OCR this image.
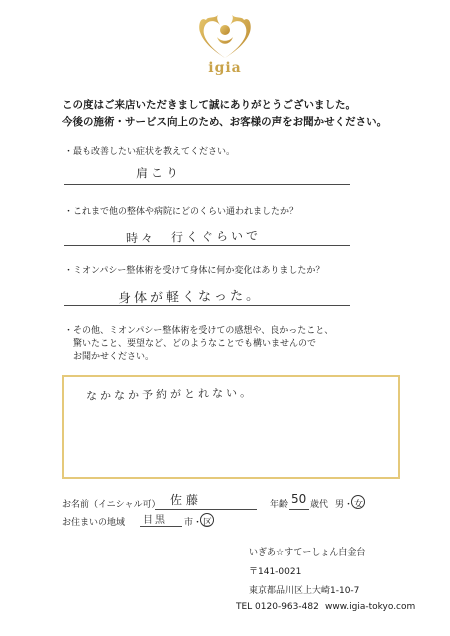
igia
この度はご来店いただきまして誠にありがとうございました。
今後の施術・サービス向上のため、お客様の声をお聞かせください。
・最も改善したい症状を教えてください。
肩こり
・これまで他の整体や病院にどのくらい通われましたか？
時々　行くぐらいで
・ミオンパシー整体術を受けて身体に何か変化はありましたか？
身体が軽くなった。
・その他、ミオンパシー整体術を受けての感想や、良かったこと、
　驚いたこと、要望など、どのようなことでも構いませんので
　お聞かせください。
なかなか予約がとれない。
お名前（イニシャル可） 佐藤	年齢 50 歳代 男 ・ 女
お住まいの地域 目黒 市 ・ 区
いぎあ☆すてーしょん白金台
〒141-0021
東京都品川区上大崎1-10-7
TEL 0120-963-482 www.igia-tokyo.com
